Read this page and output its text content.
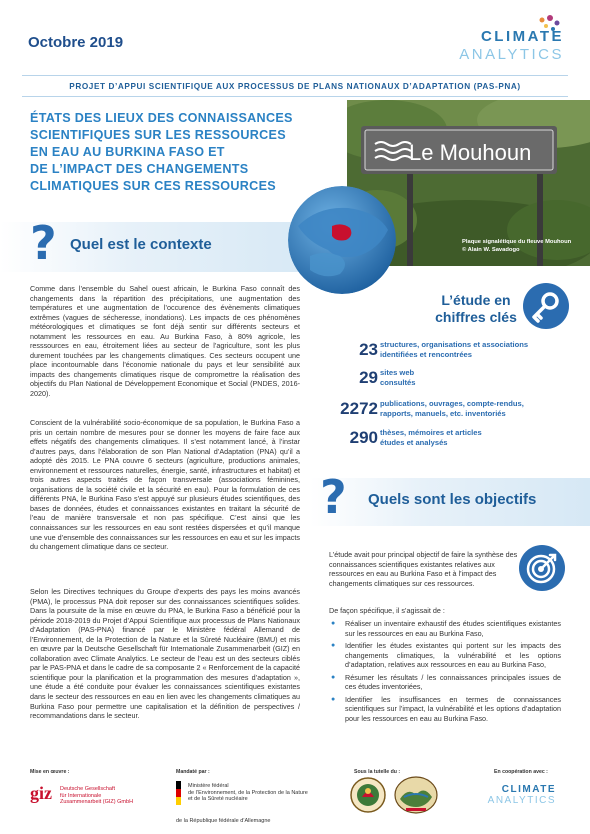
Octobre 2019	CLIMATE
ANALYTICS
PROJET D’APPUI SCIENTIFIQUE AUX PROCESSUS DE PLANS NATIONAUX D’ADAPTATION (PAS-PNA)
ÉTATS DES LIEUX DES CONNAISSANCES
SCIENTIFIQUES SUR LES RESSOURCES
EN EAU AU BURKINA FASO ET
DE L’IMPACT DES CHANGEMENTS
CLIMATIQUES SUR CES RESSOURCES
Le Mouhoun
Plaque signalétique du fleuve Mouhoun
© Alain W. Savadogo
? Quel est le contexte
Comme dans l’ensemble du Sahel ouest africain, le Burkina Faso connaît des changements dans la répartition des précipitations, une augmentation des températures et une augmentation de l’occurence des évènements climatiques extrêmes (vagues de sécheresse, inondations). Les impacts de ces phénomènes météorologiques et climatiques se font déjà sentir sur différents secteurs et notamment les ressources en eau. Au Burkina Faso, à 80% agricole, les resssources en eau, étroitement liées au secteur de l’agriculture, sont les plus durement touchées par les changements climatiques. Ces secteurs occupent une place incontournable dans l’économie nationale du pays et leur sensibilité aux impacts des changements climatiques risque de compromettre la réalisation des objectifs du Plan National de Développement Economique et Social (PNDES, 2016-2020).
Conscient de la vulnérabilité socio-économique de sa population, le Burkina Faso a pris un certain nombre de mesures pour se donner les moyens de faire face aux effets négatifs des changements climatiques. Il s’est notamment lancé, à l’instar d’autres pays, dans l’élaboration de son Plan National d’Adaptation (PNA) qu’il a adopté dès 2015. Le PNA couvre 6 secteurs (agriculture, productions animales, environnement et ressources naturelles, énergie, santé, infrastructures et habitat) et trois autres aspects traités de façon transversale (associations féminines, organisations de la société civile et la sécurité en eau). Pour la formulation de ces différents PNA, le Burkina Faso s’est appuyé sur plusieurs études scientifiques, des bases de données, études et connaissances existantes en traitant la sécurité de l’eau de manière transversale et non pas spécifique. C’est ainsi que les connaissances sur les ressources en eau sont restées dispersées et qu’il manque une vue d’ensemble des connaissances sur les ressources en eau et sur les impacts du changement climatique dans ce secteur.
Selon les Directives techniques du Groupe d’experts des pays les moins avancés (PMA), le processus PNA doit reposer sur des connaissances scientifiques solides. Dans la poursuite de la mise en œuvre du PNA, le Burkina Faso a bénéficié pour la période 2018-2019 du Projet d’Appui Scientifique aux processus de Plans Nationaux d’Adaptation (PAS-PNA) financé par le Ministère fédéral Allemand de l’Environnement, de la Protection de la Nature et la Sûreté Nucléaire (BMU) et mis en œuvre par la Deutsche Gesellschaft für Internationale Zusammenarbeit (GIZ) en collaboration avec Climate Analytics. Le secteur de l’eau est un des secteurs ciblés par le PAS-PNA et dans le cadre de sa composante 2 « Renforcement de la capacité scientifique pour la planification et la programmation des mesures d’adaptation », une étude a été conduite pour évaluer les connaissances scientifiques existantes dans le secteur des ressources en eau en lien avec les changements climatiques au Burkina Faso pour permettre une capitalisation et la définition de perspectives / recommandations dans le secteur.
L’étude en
chiffres clés
23 structures, organisations et associations
identifiées et rencontrées
29 sites web
consultés
2272 publications, ouvrages, compte-rendus,
rapports, manuels, etc. inventoriés
290 thèses, mémoires et articles
études et analysés
? Quels sont les objectifs
L’étude avait pour principal objectif de faire la synthèse des connaissances scientifiques existantes relatives aux ressources en eau au Burkina Faso et à l’impact des changements climatiques sur ces ressources.
De façon spécifique, il s’agissait de :
● Réaliser un inventaire exhaustif des études scientifiques existantes sur les ressources en eau au Burkina Faso,
● Identifier les études existantes qui portent sur les impacts des changements climatiques, la vulnérabilité et les options d’adaptation, relatives aux ressources en eau au Burkina Faso,
● Résumer les résultats / les connaissances principales issues de ces études inventoriées,
● Identifier les insuffisances en termes de connaissances scientifiques sur l’impact, la vulnérabilité et les options d’adaptation pour les ressources en eau au Burkina Faso.
Mise en œuvre :	Mandaté par :	Sous la tutelle du :	En coopération avec :
giz Deutsche Gesellschaft
für Internationale
Zusammenarbeit (GIZ) GmbH
Ministère fédéral
de l’Environnement, de la Protection de la Nature
et de la Sûreté nucléaire
de la République fédérale d’Allemagne
CLIMATE
ANALYTICS
